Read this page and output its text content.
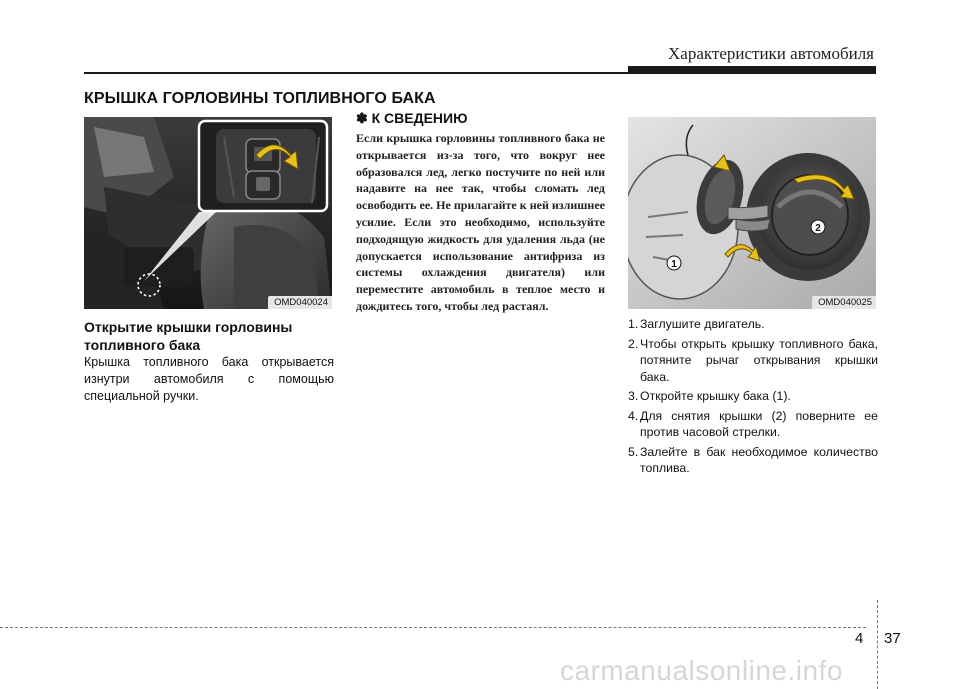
Характеристики автомобиля
КРЫШКА ГОРЛОВИНЫ ТОПЛИВНОГО БАКА
OMD040024
Открытие крышки горловины топливного бака
Крышка топливного бака открывается изнутри автомобиля с помощью специальной ручки.
✽ К СВЕДЕНИЮ
Если крышка горловины топливного бака не открывается из-за того, что вокруг нее образовался лед, легко постучите по ней или надавите на нее так, чтобы сломать лед освободить ее. Не прилагайте к ней излишнее усилие. Если это необходимо, используйте подходящую жидкость для удаления льда (не допускается использование антифриза из системы охлаждения двигателя) или переместите автомобиль в теплое место и дождитесь того, чтобы лед растаял.
1
2
OMD040025
1. Заглушите двигатель.
2. Чтобы открыть крышку топливного бака, потяните рычаг открывания крышки бака.
3. Откройте крышку бака (1).
4. Для снятия крышки (2) поверните ее против часовой стрелки.
5. Залейте в бак необходимое количество топлива.
4 37
carmanualsonline.info
